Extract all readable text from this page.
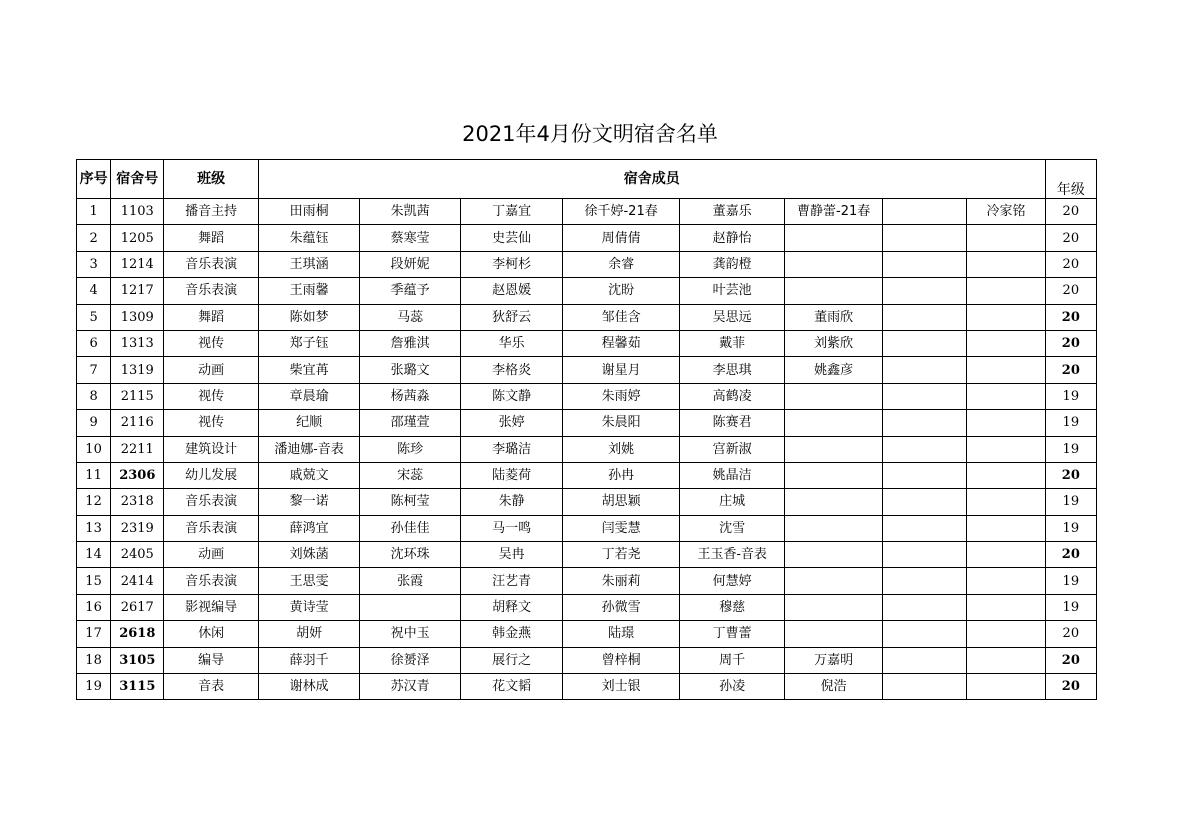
2021年4月份文明宿舍名单
序号	宿舍号	班级	宿舍成员								年级
1	1103	播音主持	田雨桐	朱凯茜	丁嘉宜	徐千婷-21春	董嘉乐	曹静蕾-21春		冷家铭	20
2	1205	舞蹈	朱蕴钰	蔡寒莹	史芸仙	周倩倩	赵静怡				20
3	1214	音乐表演	王琪涵	段妍妮	李柯杉	余睿	龚韵橙				20
4	1217	音乐表演	王雨馨	季蕴予	赵恩媛	沈盼	叶芸池				20
5	1309	舞蹈	陈如梦	马蕊	狄舒云	邹佳含	吴思远	董雨欣			20
6	1313	视传	郑子钰	詹雅淇	华乐	程馨茹	戴菲	刘紫欣			20
7	1319	动画	柴宜苒	张璐文	李格炎	谢星月	李思琪	姚鑫彦			20
8	2115	视传	章晨瑜	杨茜淼	陈文静	朱雨婷	高鹤凌				19
9	2116	视传	纪顺	邵瑾萱	张婷	朱晨阳	陈赛君				19
10	2211	建筑设计	潘迪娜-音表	陈珍	李璐洁	刘姚	宫新淑				19
11	2306	幼儿发展	戚兢文	宋蕊	陆菱荷	孙冉	姚晶洁				20
12	2318	音乐表演	黎一诺	陈柯莹	朱静	胡思颖	庄城				19
13	2319	音乐表演	薛鸿宜	孙佳佳	马一鸣	闫雯慧	沈雪				19
14	2405	动画	刘姝菡	沈环珠	吴冉	丁若尧	王玉香-音表				20
15	2414	音乐表演	王思雯	张霞	汪艺青	朱丽莉	何慧婷				19
16	2617	影视编导	黄诗莹		胡释文	孙微雪	穆慈				19
17	2618	休闲	胡妍	祝中玉	韩金燕	陆璟	丁曹蕾				20
18	3105	编导	薛羽千	徐赟泽	展行之	曾梓桐	周千	万嘉明			20
19	3115	音表	谢林成	苏汉青	花文韬	刘士银	孙凌	倪浩			20
